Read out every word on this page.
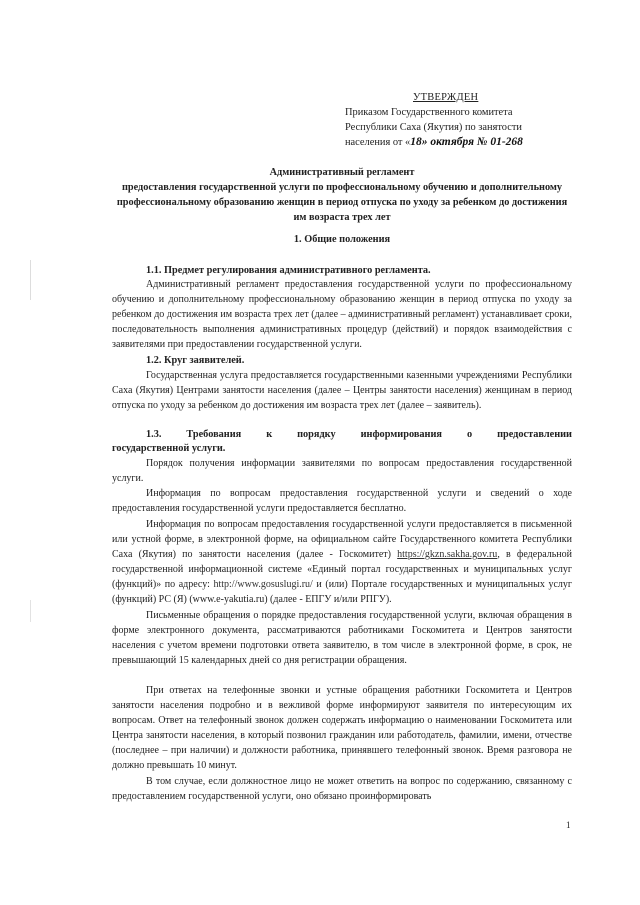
УТВЕРЖДЕН
Приказом Государственного комитета
Республики Саха (Якутия) по занятости
населения от «18» октября № 01-268
Административный регламент
предоставления государственной услуги по профессиональному обучению и дополнительному профессиональному образованию женщин в период отпуска по уходу за ребенком до достижения им возраста трех лет
1. Общие положения
1.1. Предмет регулирования административного регламента.

Административный регламент предоставления государственной услуги по профессиональному обучению и дополнительному профессиональному образованию женщин в период отпуска по уходу за ребенком до достижения им возраста трех лет (далее – административный регламент) устанавливает сроки, последовательность выполнения административных процедур (действий) и порядок взаимодействия с заявителями при предоставлении государственной услуги.

1.2. Круг заявителей.

Государственная услуга предоставляется государственными казенными учреждениями Республики Саха (Якутия) Центрами занятости населения (далее – Центры занятости населения) женщинам в период отпуска по уходу за ребенком до достижения им возраста трех лет (далее – заявитель).

1.3. Требования к порядку информирования о предоставлении
государственной услуги.

Порядок получения информации заявителями по вопросам предоставления государственной услуги.

Информация по вопросам предоставления государственной услуги и сведений о ходе предоставления государственной услуги предоставляется бесплатно.

Информация по вопросам предоставления государственной услуги предоставляется в письменной или устной форме, в электронной форме, на официальном сайте Государственного комитета Республики Саха (Якутия) по занятости населения (далее - Госкомитет) https://gkzn.sakha.gov.ru, в федеральной государственной информационной системе «Единый портал государственных и муниципальных услуг (функций)» по адресу: http://www.gosuslugi.ru/ и (или) Портале государственных и муниципальных услуг (функций) РС (Я) (www.e-yakutia.ru) (далее - ЕПГУ и/или РПГУ).

Письменные обращения о порядке предоставления государственной услуги, включая обращения в форме электронного документа, рассматриваются работниками Госкомитета и Центров занятости населения с учетом времени подготовки ответа заявителю, в том числе в электронной форме, в срок, не превышающий 15 календарных дней со дня регистрации обращения.

При ответах на телефонные звонки и устные обращения работники Госкомитета и Центров занятости населения подробно и в вежливой форме информируют заявителя по интересующим их вопросам. Ответ на телефонный звонок должен содержать информацию о наименовании Госкомитета или Центра занятости населения, в который позвонил гражданин или работодатель, фамилии, имени, отчестве (последнее – при наличии) и должности работника, принявшего телефонный звонок. Время разговора не должно превышать 10 минут.

В том случае, если должностное лицо не может ответить на вопрос по содержанию, связанному с предоставлением государственной услуги, оно обязано проинформировать

1
